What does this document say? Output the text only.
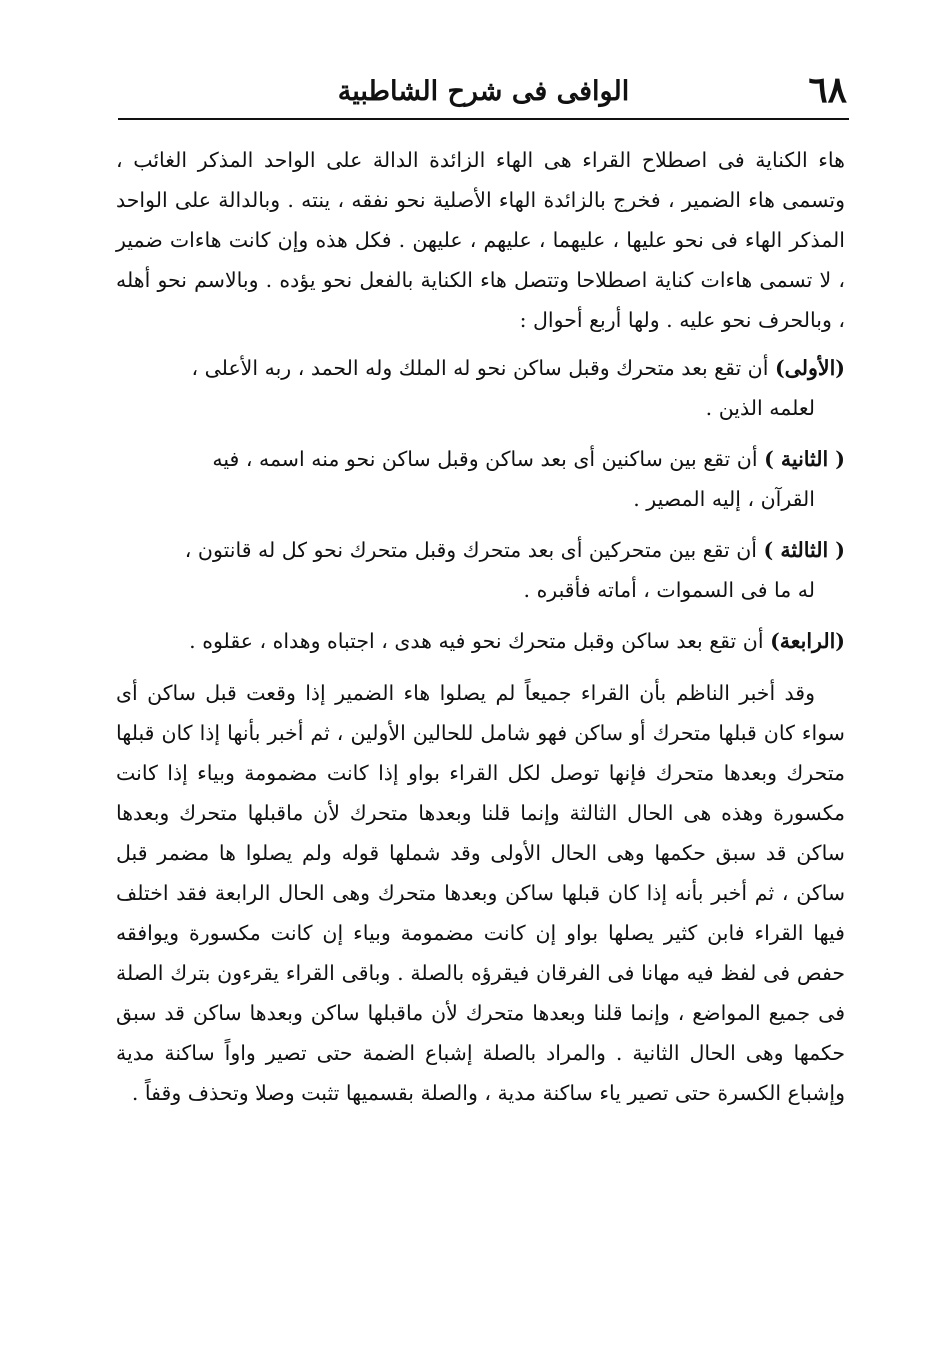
٦٨
الوافى فى شرح الشاطبية

هاء الكناية فى اصطلاح القراء هى الهاء الزائدة الدالة على الواحد المذكر الغائب ، وتسمى هاء الضمير ، فخرج بالزائدة الهاء الأصلية نحو نفقه ، ينته . وبالدالة على الواحد المذكر الهاء فى نحو عليها ، عليهما ، عليهم ، عليهن . فكل هذه وإن كانت هاءات ضمير ، لا تسمى هاءات كناية اصطلاحا وتتصل هاء الكناية بالفعل نحو يؤده . وبالاسم نحو أهله ، وبالحرف نحو عليه . ولها أربع أحوال :

(الأولى) أن تقع بعد متحرك وقبل ساكن نحو له الملك وله الحمد ، ربه الأعلى ،
لعلمه الذين .
( الثانية ) أن تقع بين ساكنين أى بعد ساكن وقبل ساكن نحو منه اسمه ، فيه
القرآن ، إليه المصير .
( الثالثة ) أن تقع بين متحركين أى بعد متحرك وقبل متحرك نحو كل له قانتون ،
له ما فى السموات ، أماته فأقبره .
(الرابعة) أن تقع بعد ساكن وقبل متحرك نحو فيه هدى ، اجتباه وهداه ، عقلوه .

وقد أخبر الناظم بأن القراء جميعاً لم يصلوا هاء الضمير إذا وقعت قبل ساكن أى سواء كان قبلها متحرك أو ساكن فهو شامل للحالين الأولين ، ثم أخبر بأنها إذا كان قبلها متحرك وبعدها متحرك فإنها توصل لكل القراء بواو إذا كانت مضمومة وبياء إذا كانت مكسورة وهذه هى الحال الثالثة وإنما قلنا وبعدها متحرك لأن ماقبلها متحرك وبعدها ساكن قد سبق حكمها وهى الحال الأولى وقد شملها قوله ولم يصلوا ها مضمر قبل ساكن ، ثم أخبر بأنه إذا كان قبلها ساكن وبعدها متحرك وهى الحال الرابعة فقد اختلف فيها القراء فابن كثير يصلها بواو إن كانت مضمومة وبياء إن كانت مكسورة ويوافقه حفص فى لفظ فيه مهانا فى الفرقان فيقرؤه بالصلة . وباقى القراء يقرءون بترك الصلة فى جميع المواضع ، وإنما قلنا وبعدها متحرك لأن ماقبلها ساكن وبعدها ساكن قد سبق حكمها وهى الحال الثانية . والمراد بالصلة إشباع الضمة حتى تصير واواً ساكنة مدية وإشباع الكسرة حتى تصير ياء ساكنة مدية ، والصلة بقسميها تثبت وصلا وتحذف وقفاً .
